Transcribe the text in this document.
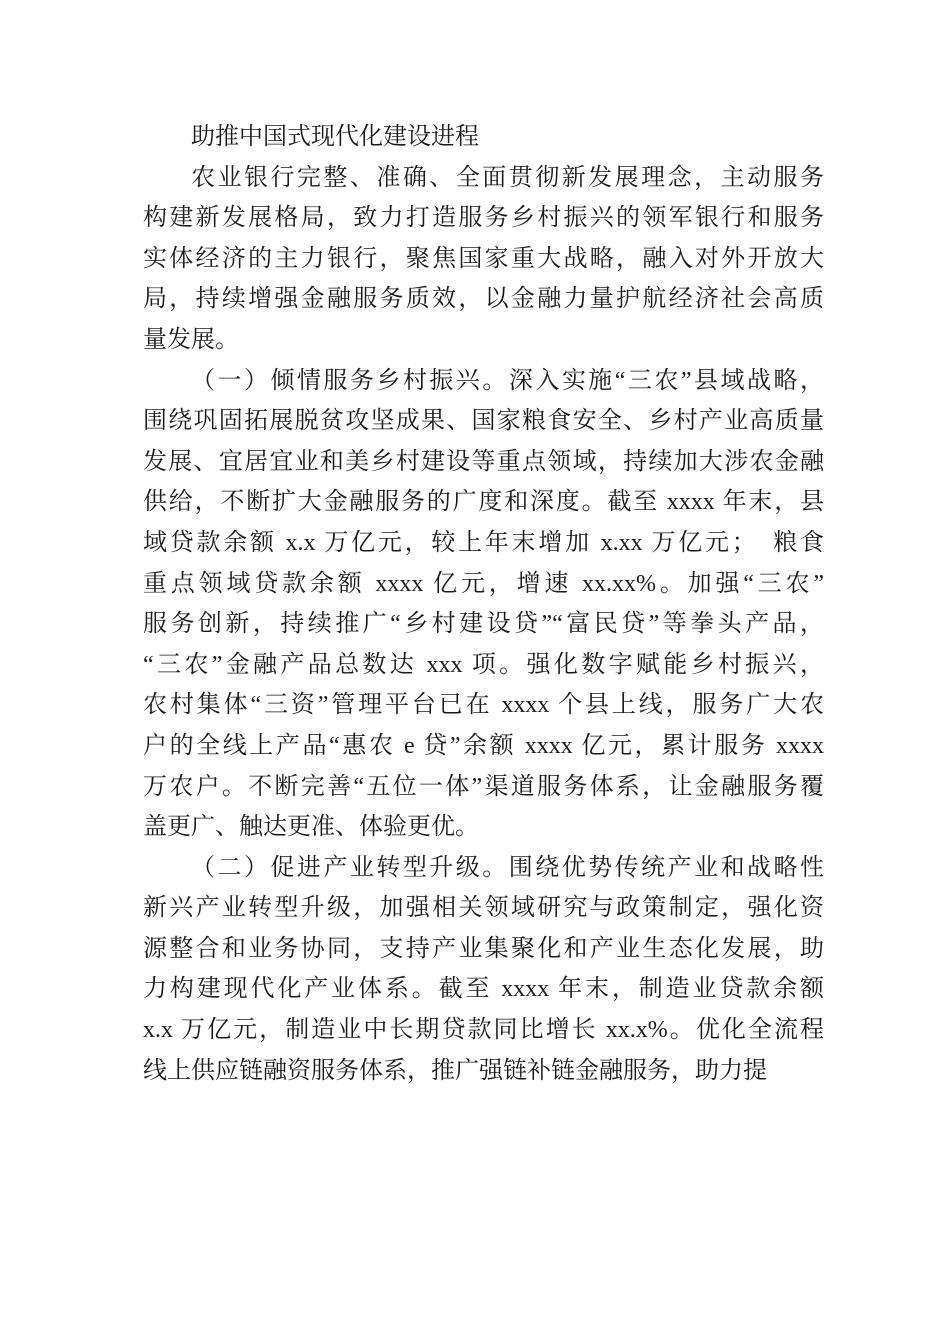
助推中国式现代化建设进程
农业银行完整、准确、全面贯彻新发展理念，主动服务
构建新发展格局，致力打造服务乡村振兴的领军银行和服务
实体经济的主力银行，聚焦国家重大战略，融入对外开放大
局，持续增强金融服务质效，以金融力量护航经济社会高质
量发展。
（一）倾情服务乡村振兴。深入实施“三农”县域战略，
围绕巩固拓展脱贫攻坚成果、国家粮食安全、乡村产业高质量
发展、宜居宜业和美乡村建设等重点领域，持续加大涉农金融
供给，不断扩大金融服务的广度和深度。截至 xxxx 年末，县
域贷款余额 x.x 万亿元，较上年末增加 x.xx 万亿元；　粮食
重点领域贷款余额 xxxx 亿元，增速 xx.xx%。加强“三农”
服务创新，持续推广“乡村建设贷”“富民贷”等拳头产品，
“三农”金融产品总数达 xxx 项。强化数字赋能乡村振兴，
农村集体“三资”管理平台已在 xxxx 个县上线，服务广大农
户的全线上产品“惠农 e 贷”余额 xxxx 亿元，累计服务 xxxx
万农户。不断完善“五位一体”渠道服务体系，让金融服务覆
盖更广、触达更准、体验更优。
（二）促进产业转型升级。围绕优势传统产业和战略性
新兴产业转型升级，加强相关领域研究与政策制定，强化资
源整合和业务协同，支持产业集聚化和产业生态化发展，助
力构建现代化产业体系。截至 xxxx 年末，制造业贷款余额
x.x 万亿元，制造业中长期贷款同比增长 xx.x%。优化全流程
线上供应链融资服务体系，推广强链补链金融服务，助力提
